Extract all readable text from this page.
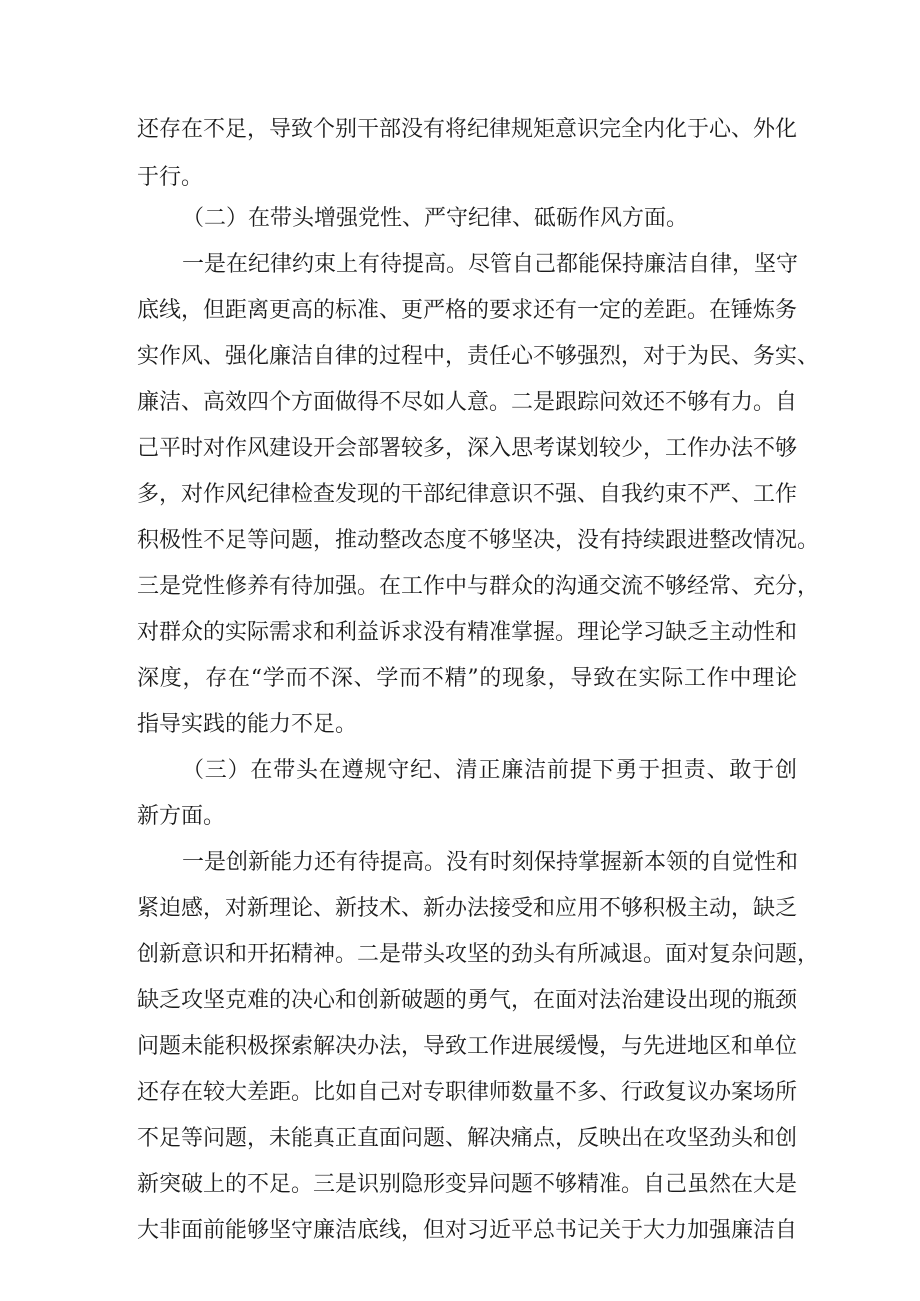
还存在不足，导致个别干部没有将纪律规矩意识完全内化于心、外化
于行。
（二）在带头增强党性、严守纪律、砥砺作风方面。
一是在纪律约束上有待提高。尽管自己都能保持廉洁自律，坚守
底线，但距离更高的标准、更严格的要求还有一定的差距。在锤炼务
实作风、强化廉洁自律的过程中，责任心不够强烈，对于为民、务实、
廉洁、高效四个方面做得不尽如人意。二是跟踪问效还不够有力。自
己平时对作风建设开会部署较多，深入思考谋划较少，工作办法不够
多，对作风纪律检查发现的干部纪律意识不强、自我约束不严、工作
积极性不足等问题，推动整改态度不够坚决，没有持续跟进整改情况。
三是党性修养有待加强。在工作中与群众的沟通交流不够经常、充分，
对群众的实际需求和利益诉求没有精准掌握。理论学习缺乏主动性和
深度，存在“学而不深、学而不精”的现象，导致在实际工作中理论
指导实践的能力不足。
（三）在带头在遵规守纪、清正廉洁前提下勇于担责、敢于创
新方面。
一是创新能力还有待提高。没有时刻保持掌握新本领的自觉性和
紧迫感，对新理论、新技术、新办法接受和应用不够积极主动，缺乏
创新意识和开拓精神。二是带头攻坚的劲头有所减退。面对复杂问题，
缺乏攻坚克难的决心和创新破题的勇气，在面对法治建设出现的瓶颈
问题未能积极探索解决办法，导致工作进展缓慢，与先进地区和单位
还存在较大差距。比如自己对专职律师数量不多、行政复议办案场所
不足等问题，未能真正直面问题、解决痛点，反映出在攻坚劲头和创
新突破上的不足。三是识别隐形变异问题不够精准。自己虽然在大是
大非面前能够坚守廉洁底线，但对习近平总书记关于大力加强廉洁自
